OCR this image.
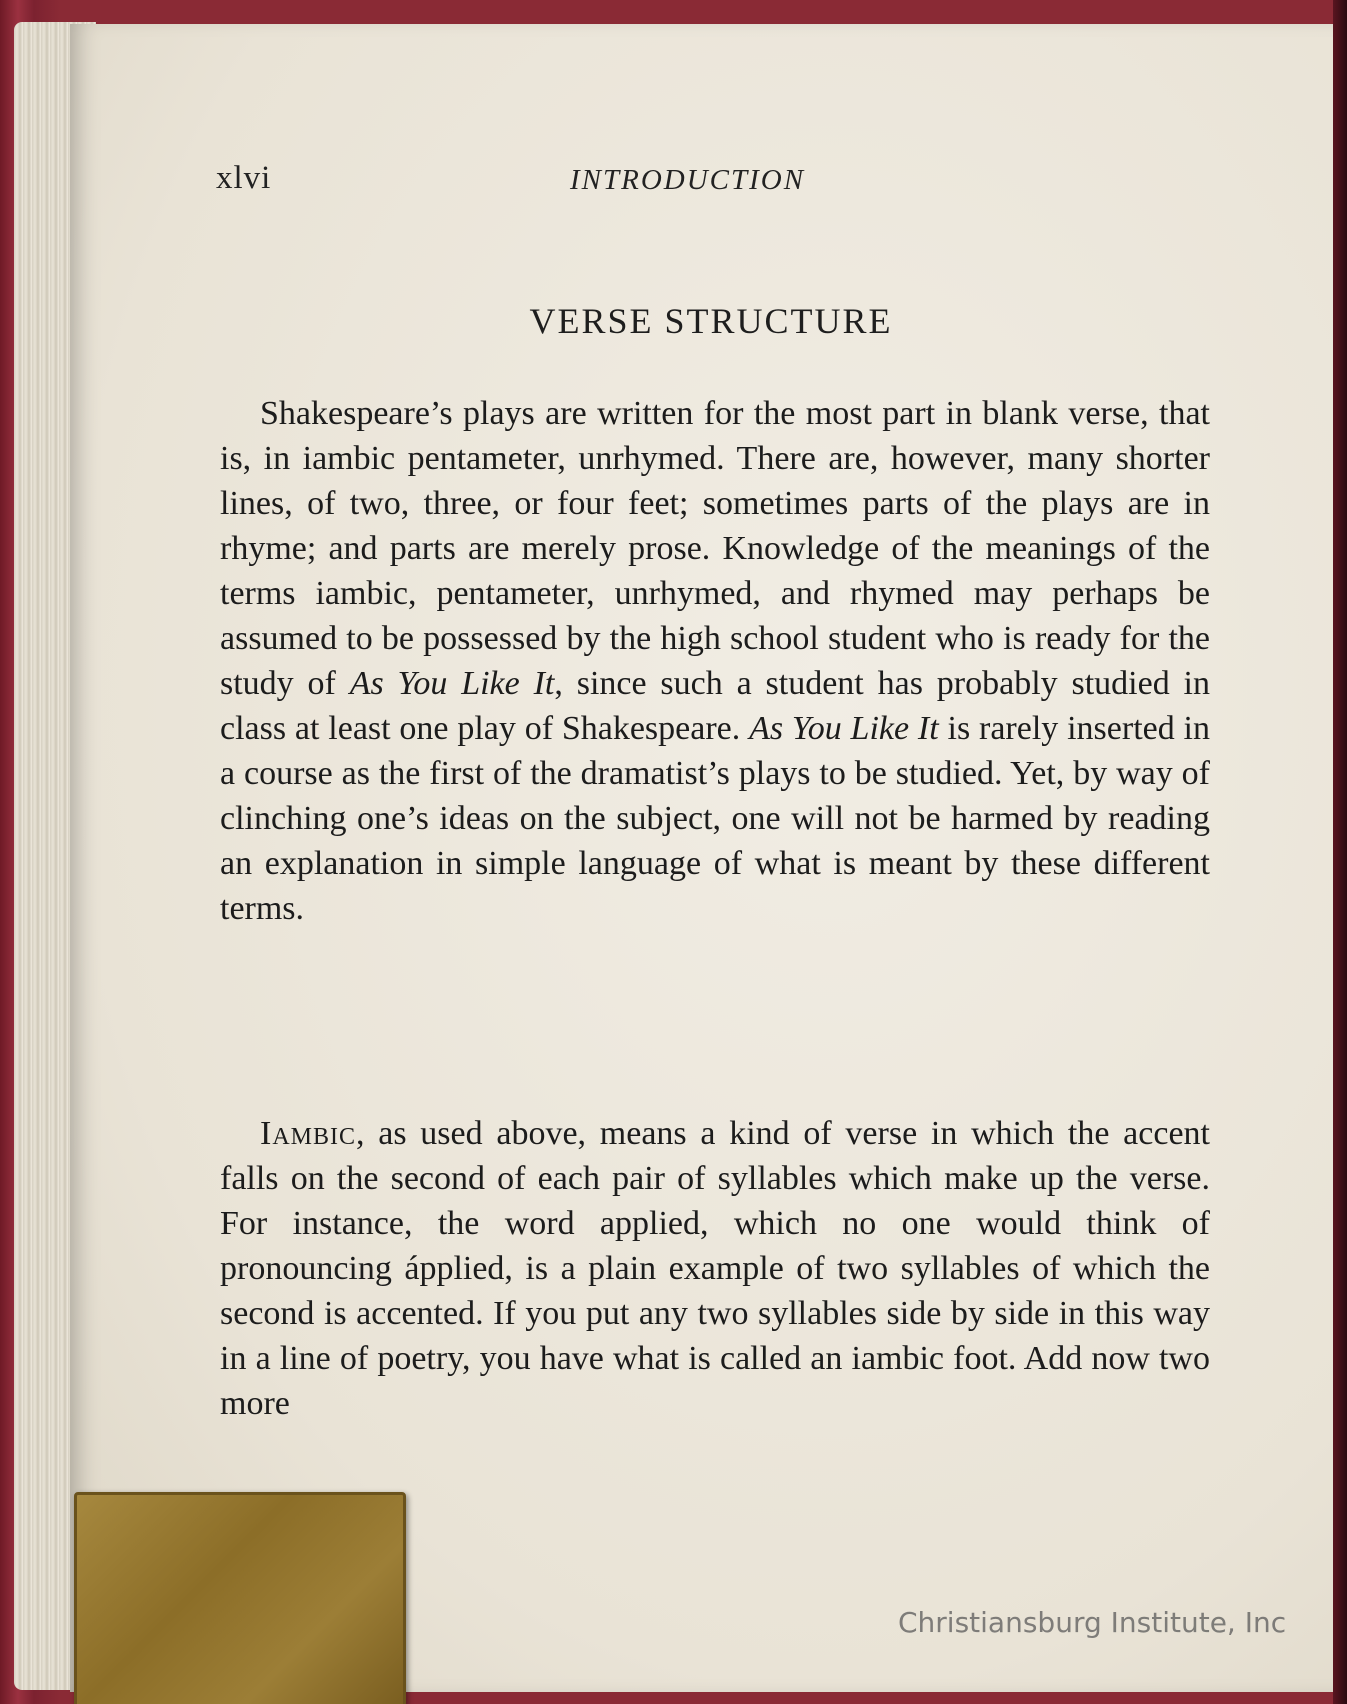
xlvi	INTRODUCTION
VERSE STRUCTURE
Shakespeare’s plays are written for the most part in blank verse, that is, in iambic pentameter, unrhymed. There are, however, many shorter lines, of two, three, or four feet; sometimes parts of the plays are in rhyme; and parts are merely prose. Knowledge of the meanings of the terms iambic, pentameter, unrhymed, and rhymed may perhaps be assumed to be possessed by the high school student who is ready for the study of As You Like It, since such a student has probably studied in class at least one play of Shakespeare. As You Like It is rarely inserted in a course as the first of the dramatist’s plays to be studied. Yet, by way of clinching one’s ideas on the subject, one will not be harmed by reading an explanation in simple language of what is meant by these different terms.
Iambic, as used above, means a kind of verse in which the accent falls on the second of each pair of syllables which make up the verse. For instance, the word applied, which no one would think of pronouncing ápplied, is a plain example of two syllables of which the second is accented. If you put any two syllables side by side in this way in a line of poetry, you have what is called an iambic foot. Add now two more
Christiansburg Institute, Inc
